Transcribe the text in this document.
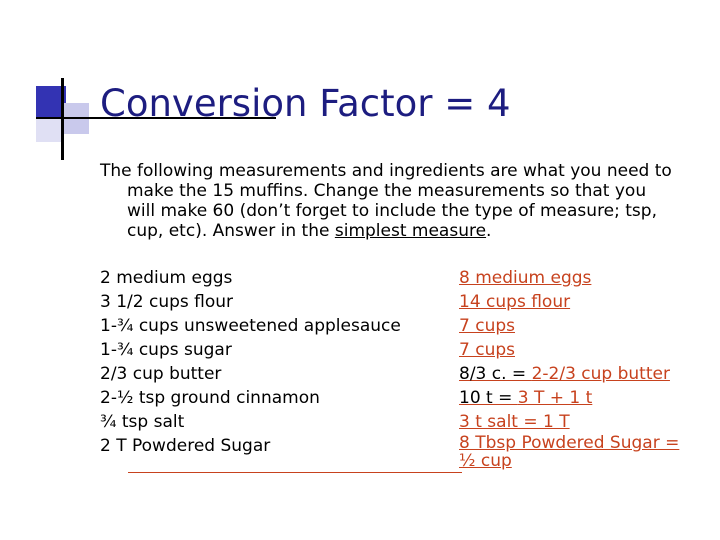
Conversion Factor = 4
The following measurements and ingredients are what you need to
make the 15 muffins. Change the measurements so that you
will make 60 (don’t forget to include the type of measure; tsp,
cup, etc). Answer in the simplest measure.
2 medium eggs
3 1/2 cups flour
1-¾ cups unsweetened applesauce
1-¾ cups sugar
2/3 cup butter
2-½ tsp ground cinnamon
¾ tsp salt
2 T Powdered Sugar
8 medium eggs
14 cups flour
7 cups
7 cups
8/3 c. = 2-2/3 cup butter
10 t = 3 T + 1 t
3 t salt = 1 T
8 Tbsp Powdered Sugar =
½ cup
